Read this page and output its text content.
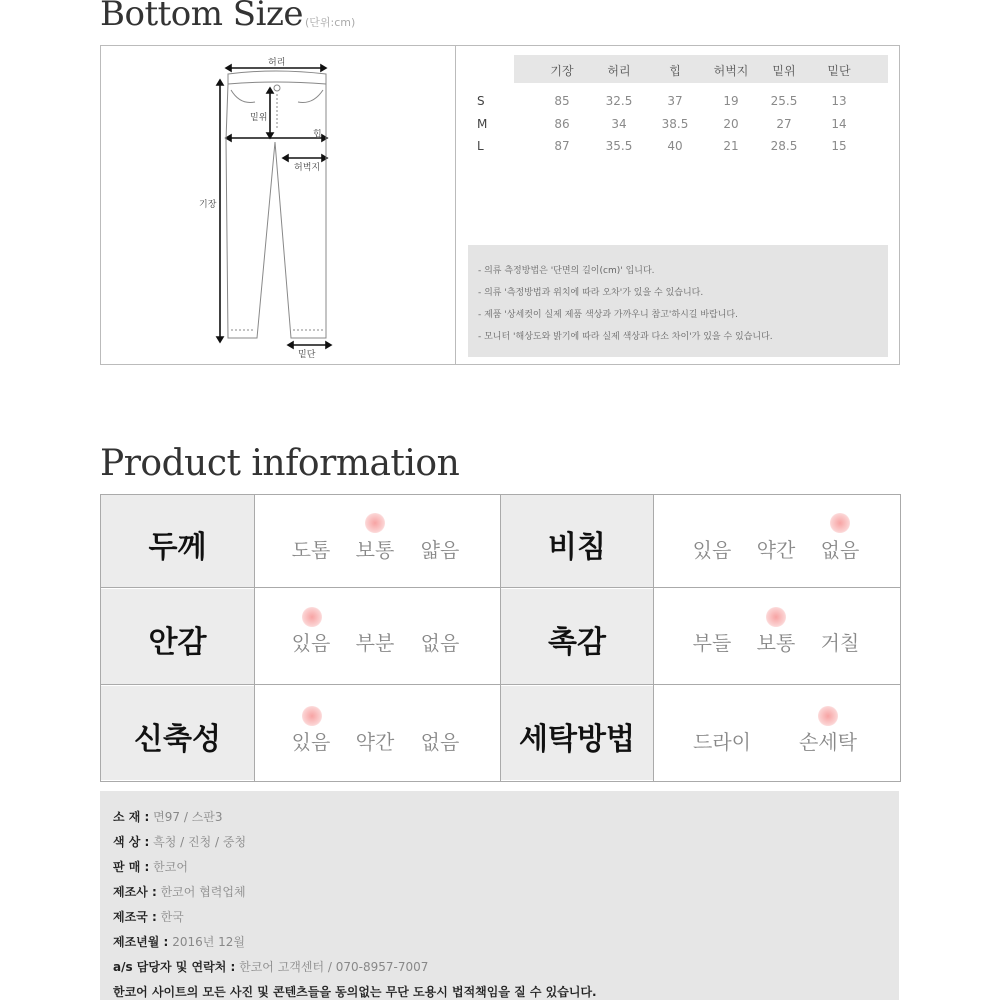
Bottom Size (단위:cm)
허리
밑위
힙
허벅지
기장
밑단
기장	허리	힙	허벅지	밑위	밑단
S	85	32.5	37	19	25.5	13
M	86	34	38.5	20	27	14
L	87	35.5	40	21	28.5	15
- 의류 측정방법은 '단면의 길이(cm)' 입니다.
- 의류 '측정방법과 위치에 따라 오차'가 있을 수 있습니다.
- 제품 '상세컷이 실제 제품 색상과 가까우니 참고'하시길 바랍니다.
- 모니터 '해상도와 밝기에 따라 실제 색상과 다소 차이'가 있을 수 있습니다.
Product information
두께	도톰	보통	얇음	비침	있음	약간	없음
안감	있음	부분	없음	촉감	부들	보통	거칠
신축성	있음	약간	없음	세탁방법	드라이	손세탁
소 재 : 면97 / 스판3
색 상 : 흑청 / 진청 / 중청
판 매 : 한코어
제조사 : 한코어 협력업체
제조국 : 한국
제조년월 : 2016년 12월
a/s 담당자 및 연락처 : 한코어 고객센터 / 070-8957-7007
한코어 사이트의 모든 사진 및 콘텐츠들을 동의없는 무단 도용시 법적책임을 질 수 있습니다.
